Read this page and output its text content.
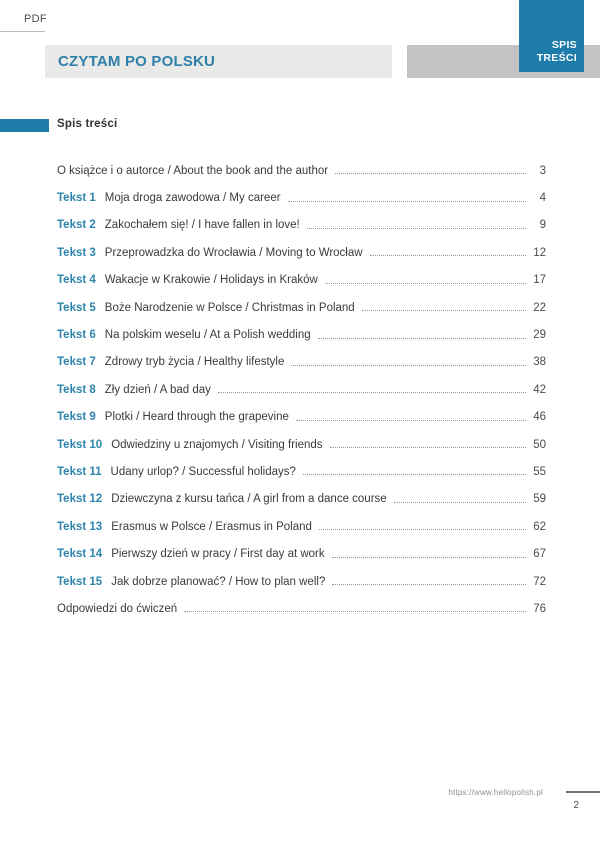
PDF
CZYTAM PO POLSKU
SPIS
TREŚCI
Spis treści
O książce i o autorce / About the book and the author	3
Tekst 1 Moja droga zawodowa / My career	4
Tekst 2 Zakochałem się! / I have fallen in love!	9
Tekst 3 Przeprowadzka do Wrocławia / Moving to Wrocław	12
Tekst 4 Wakacje w Krakowie / Holidays in Kraków	17
Tekst 5 Boże Narodzenie w Polsce / Christmas in Poland	22
Tekst 6 Na polskim weselu / At a Polish wedding	29
Tekst 7 Zdrowy tryb życia / Healthy lifestyle	38
Tekst 8 Zły dzień / A bad day	42
Tekst 9 Plotki / Heard through the grapevine	46
Tekst 10 Odwiedziny u znajomych / Visiting friends	50
Tekst 11 Udany urlop? / Successful holidays?	55
Tekst 12 Dziewczyna z kursu tańca / A girl from a dance course	59
Tekst 13 Erasmus w Polsce / Erasmus in Poland	62
Tekst 14 Pierwszy dzień w pracy / First day at work	67
Tekst 15 Jak dobrze planować? / How to plan well?	72
Odpowiedzi do ćwiczeń	76
https://www.hellopolish.pl
2
